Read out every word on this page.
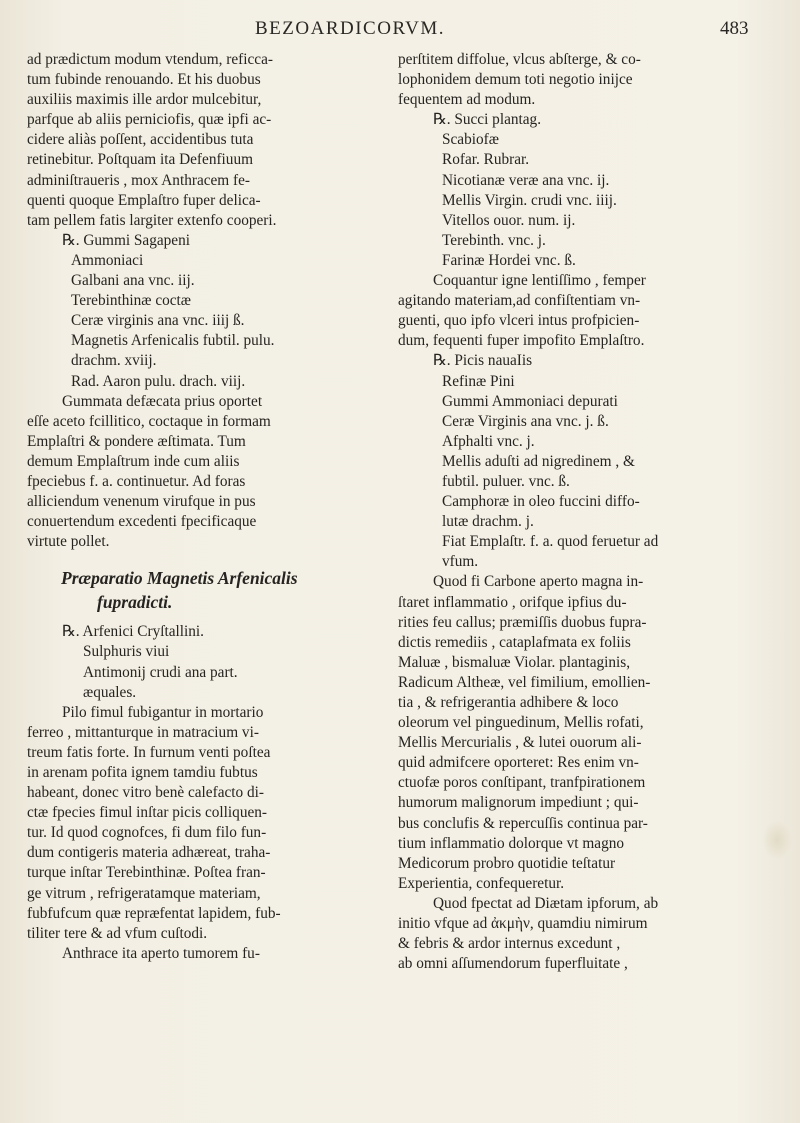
BEZOARDICORVM.	483
ad prædictum modum vtendum, reficca-
tum fubinde renouando. Et his duobus
auxiliis maximis ille ardor mulcebitur,
parfque ab aliis perniciofis, quæ ipfi ac-
cidere aliàs poſſent, accidentibus tuta
retinebitur. Poſtquam ita Defenfiuum
adminiſtraueris , mox Anthracem fe-
quenti quoque Emplaſtro fuper delica-
tam pellem fatis largiter extenfo cooperi.
℞. Gummi Sagapeni
Ammoniaci
Galbani ana vnc. iij.
Terebinthinæ coctæ
Ceræ virginis ana vnc. iiij ß.
Magnetis Arfenicalis fubtil. pulu.
drachm. xviij.
Rad. Aaron pulu. drach. viij.
Gummata defæcata prius oportet
eſſe aceto fcillitico, coctaque in formam
Emplaſtri & pondere æſtimata. Tum
demum Emplaſtrum inde cum aliis
fpeciebus f. a. continuetur. Ad foras
alliciendum venenum virufque in pus
conuertendum excedenti fpecificaque
virtute pollet.
Præparatio Magnetis Arfenicalis
fupradicti.
℞. Arfenici Cryſtallini.
Sulphuris viui
Antimonij crudi ana part.
æquales.
Pilo fimul fubigantur in mortario
ferreo , mittanturque in matracium vi-
treum fatis forte. In furnum venti poſtea
in arenam pofita ignem tamdiu fubtus
habeant, donec vitro benè calefacto di-
ctæ fpecies fimul inſtar picis colliquen-
tur. Id quod cognofces, fi dum filo fun-
dum contigeris materia adhæreat, traha-
turque inſtar Terebinthinæ. Poſtea fran-
ge vitrum , refrigeratamque materiam,
fubfufcum quæ repræfentat lapidem, fub-
tiliter tere & ad vfum cuſtodi.
Anthrace ita aperto tumorem fu-
perſtitem diffolue, vlcus abſterge, & co-
lophonidem demum toti negotio inijce
fequentem ad modum.
℞. Succi plantag.
Scabiofæ
Rofar. Rubrar.
Nicotianæ veræ ana vnc. ij.
Mellis Virgin. crudi vnc. iiij.
Vitellos ouor. num. ij.
Terebinth. vnc. j.
Farinæ Hordei vnc. ß.
Coquantur igne lentiſſimo , femper
agitando materiam,ad confiſtentiam vn-
guenti, quo ipfo vlceri intus profpicien-
dum, fequenti fuper impofito Emplaſtro.
℞. Picis nauaIis
Refinæ Pini
Gummi Ammoniaci depurati
Ceræ Virginis ana vnc. j. ß.
Afphalti vnc. j.
Mellis aduſti ad nigredinem , &
fubtil. puluer. vnc. ß.
Camphoræ in oleo fuccini diffo-
lutæ drachm. j.
Fiat Emplaſtr. f. a. quod feruetur ad
vfum.
Quod fi Carbone aperto magna in-
ſtaret inflammatio , orifque ipfius du-
rities feu callus; præmiſſis duobus fupra-
dictis remediis , cataplafmata ex foliis
Maluæ , bismaluæ Violar. plantaginis,
Radicum Altheæ, vel fimilium, emollien-
tia , & refrigerantia adhibere & loco
oleorum vel pinguedinum, Mellis rofati,
Mellis Mercurialis , & lutei ouorum ali-
quid admifcere oporteret: Res enim vn-
ctuofæ poros conſtipant, tranfpirationem
humorum malignorum impediunt ; qui-
bus conclufis & repercuſſis continua par-
tium inflammatio dolorque vt magno
Medicorum probro quotidie teſtatur
Experientia, confequeretur.
Quod fpectat ad Diætam ipforum, ab
initio vfque ad ἀκμὴν, quamdiu nimirum
& febris & ardor internus excedunt ,
ab omni aſſumendorum fuperfluitate ,
